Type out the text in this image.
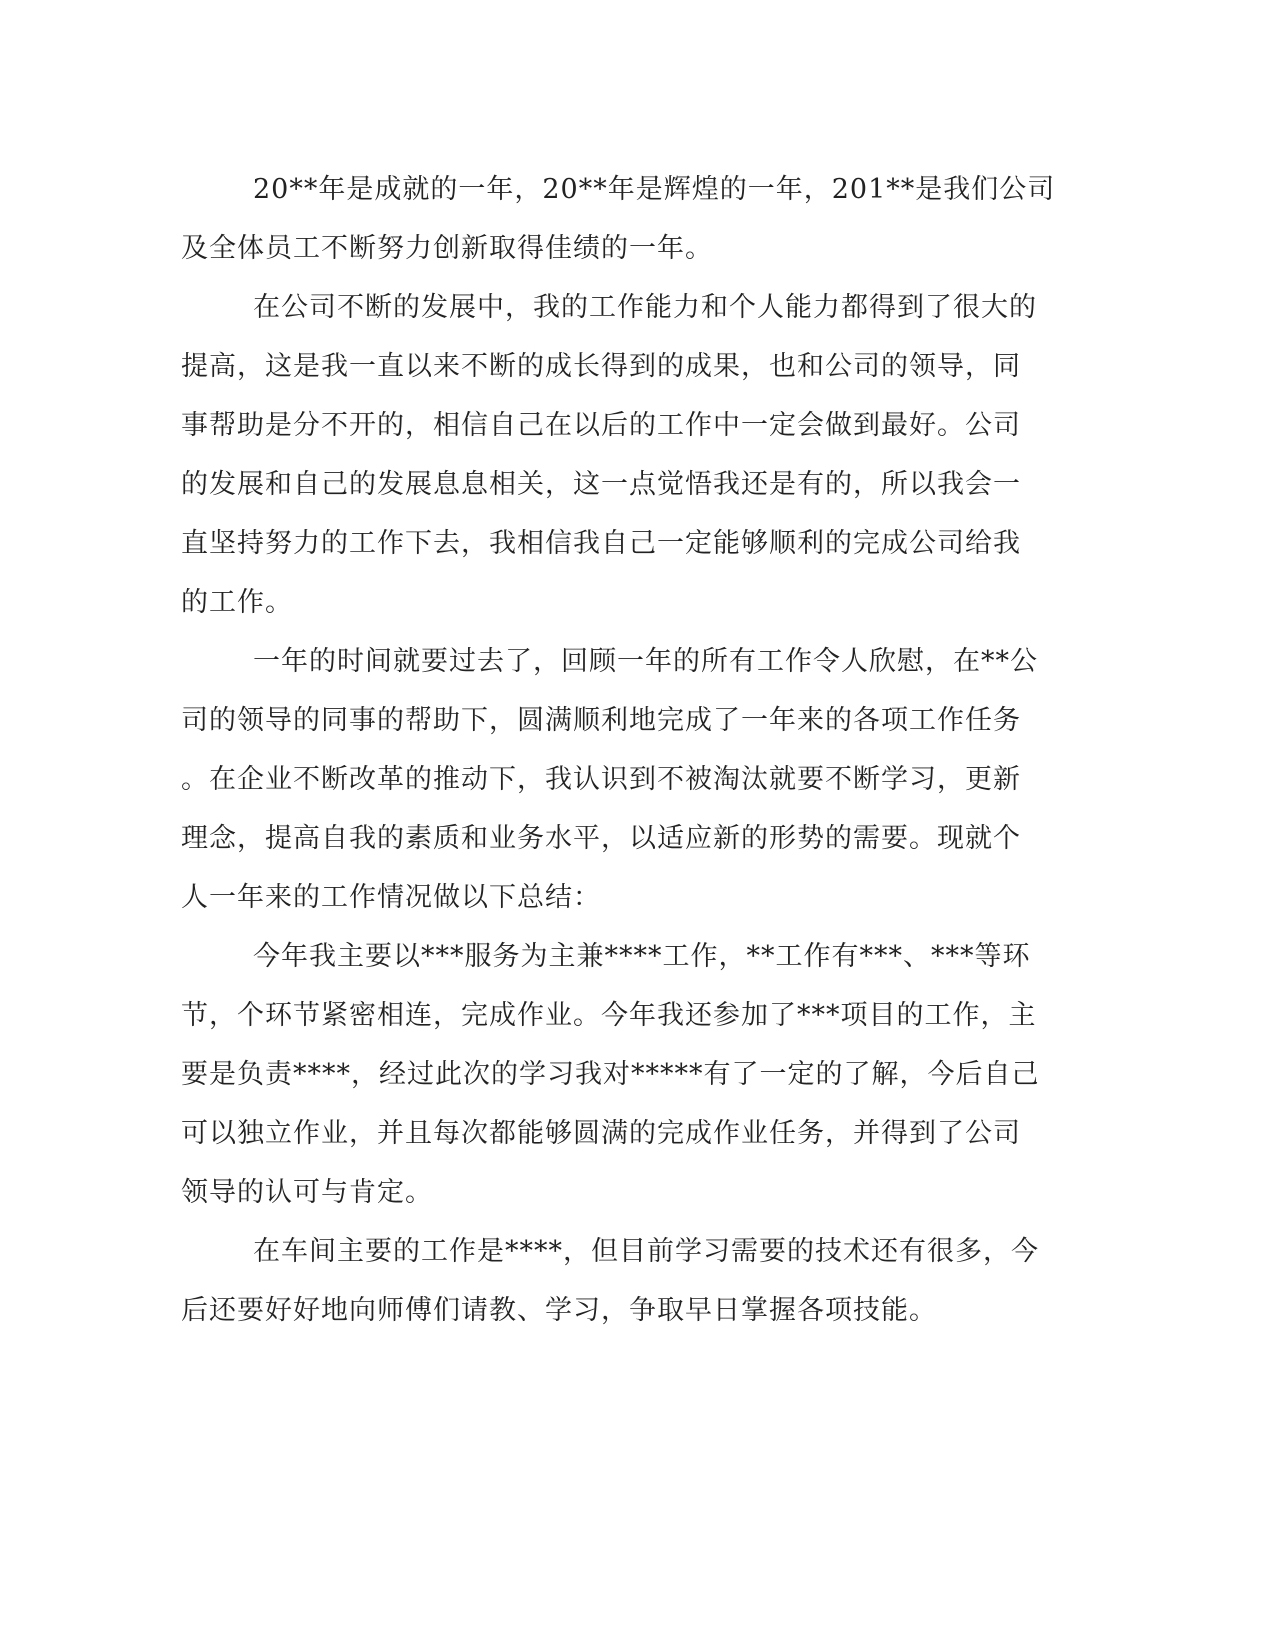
20**年是成就的一年，20**年是辉煌的一年，201**是我们公司
及全体员工不断努力创新取得佳绩的一年。
在公司不断的发展中，我的工作能力和个人能力都得到了很大的
提高，这是我一直以来不断的成长得到的成果，也和公司的领导，同
事帮助是分不开的，相信自己在以后的工作中一定会做到最好。公司
的发展和自己的发展息息相关，这一点觉悟我还是有的，所以我会一
直坚持努力的工作下去，我相信我自己一定能够顺利的完成公司给我
的工作。
一年的时间就要过去了，回顾一年的所有工作令人欣慰，在**公
司的领导的同事的帮助下，圆满顺利地完成了一年来的各项工作任务
。在企业不断改革的推动下，我认识到不被淘汰就要不断学习，更新
理念，提高自我的素质和业务水平，以适应新的形势的需要。现就个
人一年来的工作情况做以下总结：
今年我主要以***服务为主兼****工作，**工作有***、***等环
节，个环节紧密相连，完成作业。今年我还参加了***项目的工作，主
要是负责****，经过此次的学习我对*****有了一定的了解，今后自己
可以独立作业，并且每次都能够圆满的完成作业任务，并得到了公司
领导的认可与肯定。
在车间主要的工作是****，但目前学习需要的技术还有很多，今
后还要好好地向师傅们请教、学习，争取早日掌握各项技能。
